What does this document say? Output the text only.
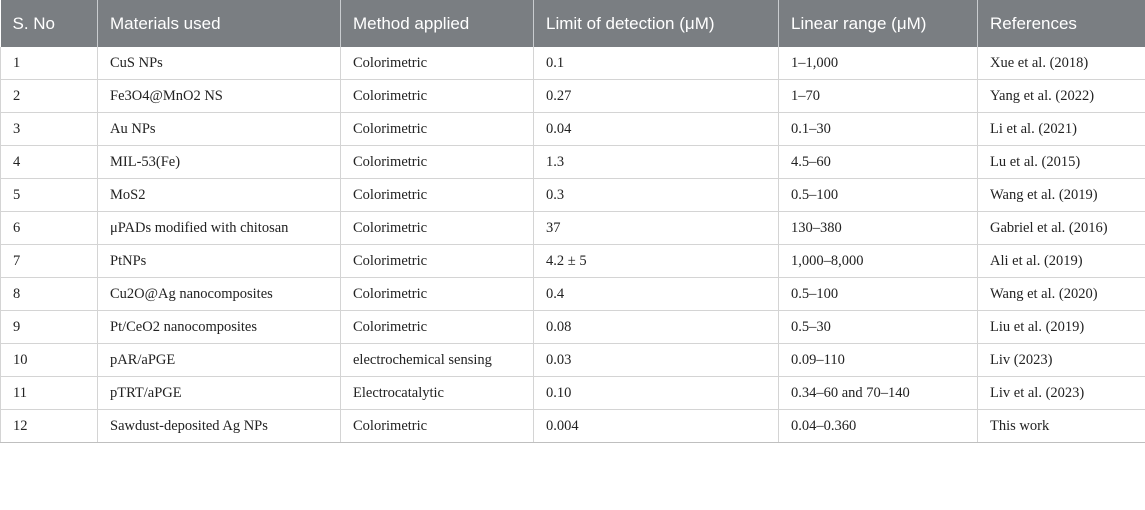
S. No	Materials used	Method applied	Limit of detection (μM)	Linear range (μM)	References
1	CuS NPs	Colorimetric	0.1	1–1,000	Xue et al. (2018)
2	Fe3O4@MnO2 NS	Colorimetric	0.27	1–70	Yang et al. (2022)
3	Au NPs	Colorimetric	0.04	0.1–30	Li et al. (2021)
4	MIL-53(Fe)	Colorimetric	1.3	4.5–60	Lu et al. (2015)
5	MoS2	Colorimetric	0.3	0.5–100	Wang et al. (2019)
6	μPADs modified with chitosan	Colorimetric	37	130–380	Gabriel et al. (2016)
7	PtNPs	Colorimetric	4.2 ± 5	1,000–8,000	Ali et al. (2019)
8	Cu2O@Ag nanocomposites	Colorimetric	0.4	0.5–100	Wang et al. (2020)
9	Pt/CeO2 nanocomposites	Colorimetric	0.08	0.5–30	Liu et al. (2019)
10	pAR/aPGE	electrochemical sensing	0.03	0.09–110	Liv (2023)
11	pTRT/aPGE	Electrocatalytic	0.10	0.34–60 and 70–140	Liv et al. (2023)
12	Sawdust-deposited Ag NPs	Colorimetric	0.004	0.04–0.360	This work
